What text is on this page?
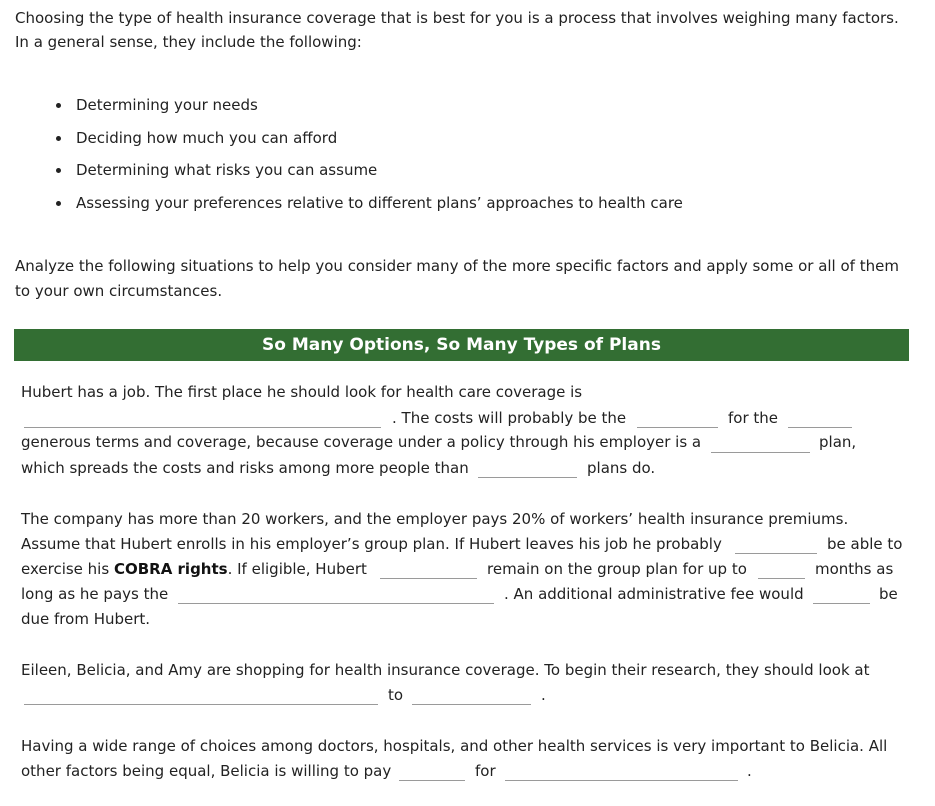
Choosing the type of health insurance coverage that is best for you is a process that involves weighing many factors.
In a general sense, they include the following:
Determining your needs
Deciding how much you can afford
Determining what risks you can assume
Assessing your preferences relative to different plans’ approaches to health care
Analyze the following situations to help you consider many of the more specific factors and apply some or all of them
to your own circumstances.
So Many Options, So Many Types of Plans
Hubert has a job. The first place he should look for health care coverage is
. The costs will probably be the	for the
generous terms and coverage, because coverage under a policy through his employer is a	plan,
which spreads the costs and risks among more people than	plans do.
The company has more than 20 workers, and the employer pays 20% of workers’ health insurance premiums.
Assume that Hubert enrolls in his employer’s group plan. If Hubert leaves his job he probably	be able to
exercise his COBRA rights. If eligible, Hubert	remain on the group plan for up to	months as
long as he pays the	. An additional administrative fee would	be
due from Hubert.
Eileen, Belicia, and Amy are shopping for health insurance coverage. To begin their research, they should look at
to	.
Having a wide range of choices among doctors, hospitals, and other health services is very important to Belicia. All
other factors being equal, Belicia is willing to pay	for	.
